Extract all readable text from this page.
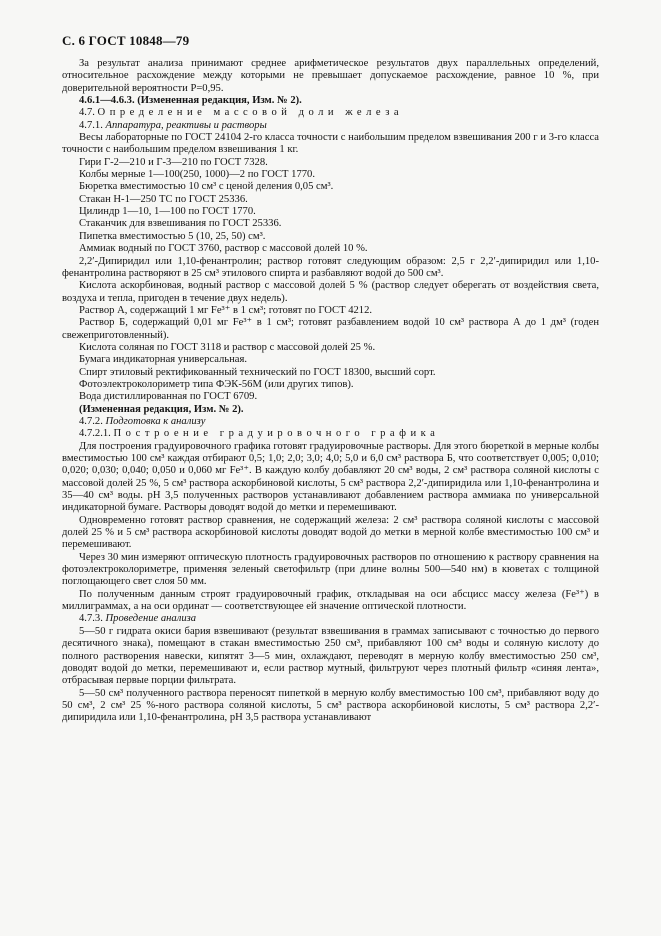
С. 6 ГОСТ 10848—79

За результат анализа принимают среднее арифметическое результатов двух параллельных определений, относительное расхождение между которыми не превышает допускаемое расхождение, равное 10 %, при доверительной вероятности P=0,95.

4.6.1—4.6.3. (Измененная редакция, Изм. № 2).

4.7. Определение массовой доли железа

4.7.1. Аппаратура, реактивы и растворы

Весы лабораторные по ГОСТ 24104 2-го класса точности с наибольшим пределом взвешивания 200 г и 3-го класса точности с наибольшим пределом взвешивания 1 кг.

Гири Г-2—210 и Г-3—210 по ГОСТ 7328.

Колбы мерные 1—100(250, 1000)—2 по ГОСТ 1770.

Бюретка вместимостью 10 см³ с ценой деления 0,05 см³.

Стакан Н-1—250 ТС по ГОСТ 25336.

Цилиндр 1—10, 1—100 по ГОСТ 1770.

Стаканчик для взвешивания по ГОСТ 25336.

Пипетка вместимостью 5 (10, 25, 50) см³.

Аммиак водный по ГОСТ 3760, раствор с массовой долей 10 %.

2,2′-Дипиридил или 1,10-фенантролин; раствор готовят следующим образом: 2,5 г 2,2′-дипиридил или 1,10-фенантролина растворяют в 25 см³ этилового спирта и разбавляют водой до 500 см³.

Кислота аскорбиновая, водный раствор с массовой долей 5 % (раствор следует оберегать от воздействия света, воздуха и тепла, пригоден в течение двух недель).

Раствор А, содержащий 1 мг Fe³⁺ в 1 см³; готовят по ГОСТ 4212.

Раствор Б, содержащий 0,01 мг Fe³⁺ в 1 см³; готовят разбавлением водой 10 см³ раствора А до 1 дм³ (годен свежеприготовленный).

Кислота соляная по ГОСТ 3118 и раствор с массовой долей 25 %.

Бумага индикаторная универсальная.

Спирт этиловый ректификованный технический по ГОСТ 18300, высший сорт.

Фотоэлектроколориметр типа ФЭК-56М (или других типов).

Вода дистиллированная по ГОСТ 6709.

(Измененная редакция, Изм. № 2).

4.7.2. Подготовка к анализу

4.7.2.1. Построение градуировочного графика

Для построения градуировочного графика готовят градуировочные растворы. Для этого бюреткой в мерные колбы вместимостью 100 см³ каждая отбирают 0,5; 1,0; 2,0; 3,0; 4,0; 5,0 и 6,0 см³ раствора Б, что соответствует 0,005; 0,010; 0,020; 0,030; 0,040; 0,050 и 0,060 мг Fe³⁺. В каждую колбу добавляют 20 см³ воды, 2 см³ раствора соляной кислоты с массовой долей 25 %, 5 см³ раствора аскорбиновой кислоты, 5 см³ раствора 2,2′-дипиридила или 1,10-фенантролина и 35—40 см³ воды. pH 3,5 полученных растворов устанавливают добавлением раствора аммиака по универсальной индикаторной бумаге. Растворы доводят водой до метки и перемешивают.

Одновременно готовят раствор сравнения, не содержащий железа: 2 см³ раствора соляной кислоты с массовой долей 25 % и 5 см³ раствора аскорбиновой кислоты доводят водой до метки в мерной колбе вместимостью 100 см³ и перемешивают.

Через 30 мин измеряют оптическую плотность градуировочных растворов по отношению к раствору сравнения на фотоэлектроколориметре, применяя зеленый светофильтр (при длине волны 500—540 нм) в кюветах с толщиной поглощающего свет слоя 50 мм.

По полученным данным строят градуировочный график, откладывая на оси абсцисс массу железа (Fe³⁺) в миллиграммах, а на оси ординат — соответствующее ей значение оптической плотности.

4.7.3. Проведение анализа

5—50 г гидрата окиси бария взвешивают (результат взвешивания в граммах записывают с точностью до первого десятичного знака), помещают в стакан вместимостью 250 см³, прибавляют 100 см³ воды и соляную кислоту до полного растворения навески, кипятят 3—5 мин, охлаждают, переводят в мерную колбу вместимостью 250 см³, доводят водой до метки, перемешивают и, если раствор мутный, фильтруют через плотный фильтр «синяя лента», отбрасывая первые порции фильтрата.

5—50 см³ полученного раствора переносят пипеткой в мерную колбу вместимостью 100 см³, прибавляют воду до 50 см³, 2 см³ 25 %-ного раствора соляной кислоты, 5 см³ раствора аскорбиновой кислоты, 5 см³ раствора 2,2′-дипиридила или 1,10-фенантролина, pH 3,5 раствора устанавливают
